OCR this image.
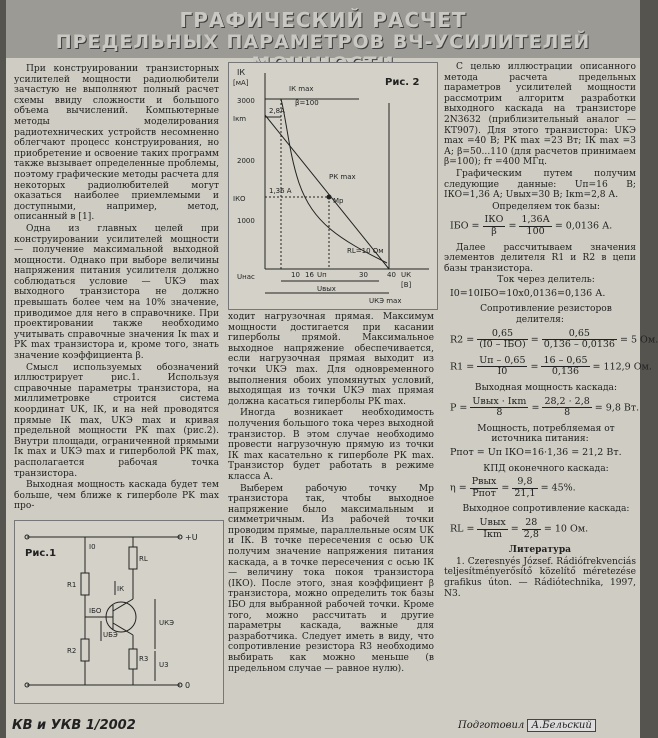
ГРАФИЧЕСКИЙ РАСЧЕТ
ПРЕДЕЛЬНЫХ ПАРАМЕТРОВ ВЧ-УСИЛИТЕЛЕЙ

При конструировании транзисторных усилителей мощности радиолюбители зачастую не выполняют полный расчет схемы ввиду сложности и большого объема вычислений. Компьютерные методы моделирования радиотехнических устройств несомненно облегчают процесс конструирования, но приобретение и освоение таких программ также вызывает определенные проблемы, поэтому графические методы расчета для некоторых радиолюбителей могут оказаться наиболее приемлемыми и доступными, например, метод, описанный в [1].

Одна из главных целей при конструировании усилителей мощности — получение максимальной выходной мощности. Однако при выборе величины напряжения питания усилителя должно соблюдаться условие — UКЭ max выходного транзистора не должно превышать более чем на 10% значение, приводимое для него в справочнике. При проектировании также необходимо учитывать справочные значения Iк max и PK max транзистора и, кроме того, знать значение коэффициента β.

Смысл используемых обозначений иллюстрирует рис.1. Используя справочные параметры транзистора, на миллиметровке строится система координат UК, IК, и на ней проводятся прямые IК max, UКЭ max и кривая предельной мощности PК max (рис.2). Внутри площади, ограниченной прямыми Iк max и UКЭ max и гиперболой PК max, располагается рабочая точка транзистора.

Выходная мощность каскада будет тем больше, чем ближе к гиперболе PK max про-

Рис.1
+U
I0
R1
RL
IК
IБО
UБЭ
UКЭ
R2
R3
U3
0
IК
[мА]	Рис. 2
IК max
β=100
2,8А
PК max
Мр
1,36 А
RL=10 Ом
Iкm
IКО
3000
2000
1000
10 16	30	40
Uп	UК
[В]
Uнас
Uвых
UКЭ max

ходит нагрузочная прямая. Максимум мощности достигается при касании гиперболы прямой. Максимальное выходное напряжение обеспечивается, если нагрузочная прямая выходит из точки UКЭ max. Для одновременного выполнения обоих упомянутых условий, выходящая из точки UКЭ max прямая должна касаться гиперболы PК max.

Иногда возникает необходимость получения большого тока через выходной транзистор. В этом случае необходимо провести нагрузочную прямую из точки IК max касательно к гиперболе PК max. Транзистор будет работать в режиме класса А.

Выберем рабочую точку Мр транзистора так, чтобы выходное напряжение было максимальным и симметричным. Из рабочей точки проводим прямые, параллельные осям UК и IК. В точке пересечения с осью UК получим значение напряжения питания каскада, а в точке пересечения с осью IК — величину тока покоя транзистора (IКО). После этого, зная коэффициент β транзистора, можно определить ток базы IБО для выбранной рабочей точки. Кроме того, можно рассчитать и другие параметры каскада, важные для разработчика. Следует иметь в виду, что сопротивление резистора R3 необходимо выбирать как можно меньше (в предельном случае — равное нулю).

С целью иллюстрации описанного метода расчета предельных параметров усилителей мощности рассмотрим алгоритм разработки выходного каскада на транзисторе 2N3632 (приблизительный аналог — КТ907). Для этого транзистора: UКЭ max =40 В; PК max =23 Вт; IК max =3 А; β=50...110 (для расчетов принимаем β=100); fт =400 МГц.

Графическим путем получим следующие данные: Uп=16 В; IКО=1,36 А; Uвых=30 В; Iкm=2,8 А.

Определяем ток базы:

IБО = $\frac{\text{IКО}}{\beta} = \frac{1,36А}{100} = 0,0136$ А.

Далее рассчитываем значения элементов делителя R1 и R2 в цепи базы транзистора.

Ток через делитель:

I0=10IБО=10x0,0136=0,136 А.

Сопротивление резисторов делителя:

$R2 = \frac{0,65}{\text{(I0 – IБО)}} = \frac{0,65}{0,136 - 0,0136} = 5$ Ом.
$R1 = \frac{Uп - 0,65}{I0} = \frac{16 - 0,65}{0,136} = 112,9$ Ом.

Выходная мощность каскада:

$P = \frac{\text{Uвых · Iкm}}{8} = \frac{28,2 \cdot 2,8}{8} = 9,8$ Вт.

Мощность, потребляемая от источника питания:

Pпот = Uп IКО=16·1,36 = 21,2 Вт.

КПД оконечного каскада:

$\eta = \frac{\text{Pвых}}{\text{Pпот}} = \frac{9,8}{21,1} = 45\%$.

Выходное сопротивление каскада:

RL = $\frac{\text{Uвых}}{\text{Iкm}} = \frac{28}{2,8} = 10$ Ом.

Литература

1. Czeresnyés József. Rádiófrekvenciás teljesítményerősítő közelítő méretezése grafikus úton. — Rádiótechnika, 1997, N3.

КВ и УКВ 1/2002	Подготовил А.Бельский
